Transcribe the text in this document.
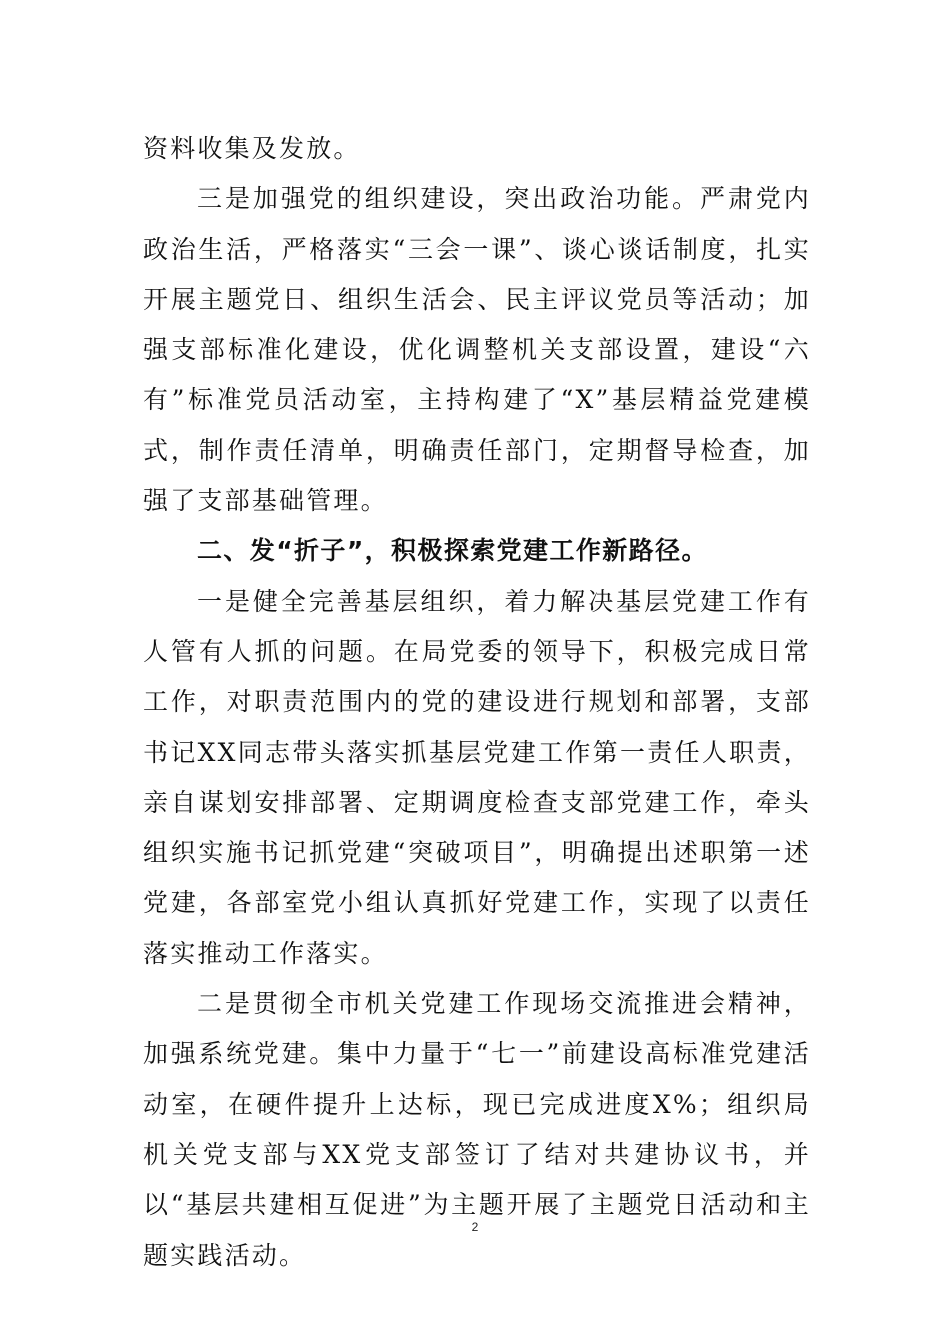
资料收集及发放。

三是加强党的组织建设，突出政治功能。严肃党内政治生活，严格落实“三会一课”、谈心谈话制度，扎实开展主题党日、组织生活会、民主评议党员等活动；加强支部标准化建设，优化调整机关支部设置，建设“六有”标准党员活动室，主持构建了“X”基层精益党建模式，制作责任清单，明确责任部门，定期督导检查，加强了支部基础管理。

二、发“折子”，积极探索党建工作新路径。

一是健全完善基层组织，着力解决基层党建工作有人管有人抓的问题。在局党委的领导下，积极完成日常工作，对职责范围内的党的建设进行规划和部署，支部书记XX同志带头落实抓基层党建工作第一责任人职责，亲自谋划安排部署、定期调度检查支部党建工作，牵头组织实施书记抓党建“突破项目”，明确提出述职第一述党建，各部室党小组认真抓好党建工作，实现了以责任落实推动工作落实。

二是贯彻全市机关党建工作现场交流推进会精神，加强系统党建。集中力量于“七一”前建设高标准党建活动室，在硬件提升上达标，现已完成进度X%；组织局机关党支部与XX党支部签订了结对共建协议书，并以“基层共建相互促进”为主题开展了主题党日活动和主题实践活动。

2
